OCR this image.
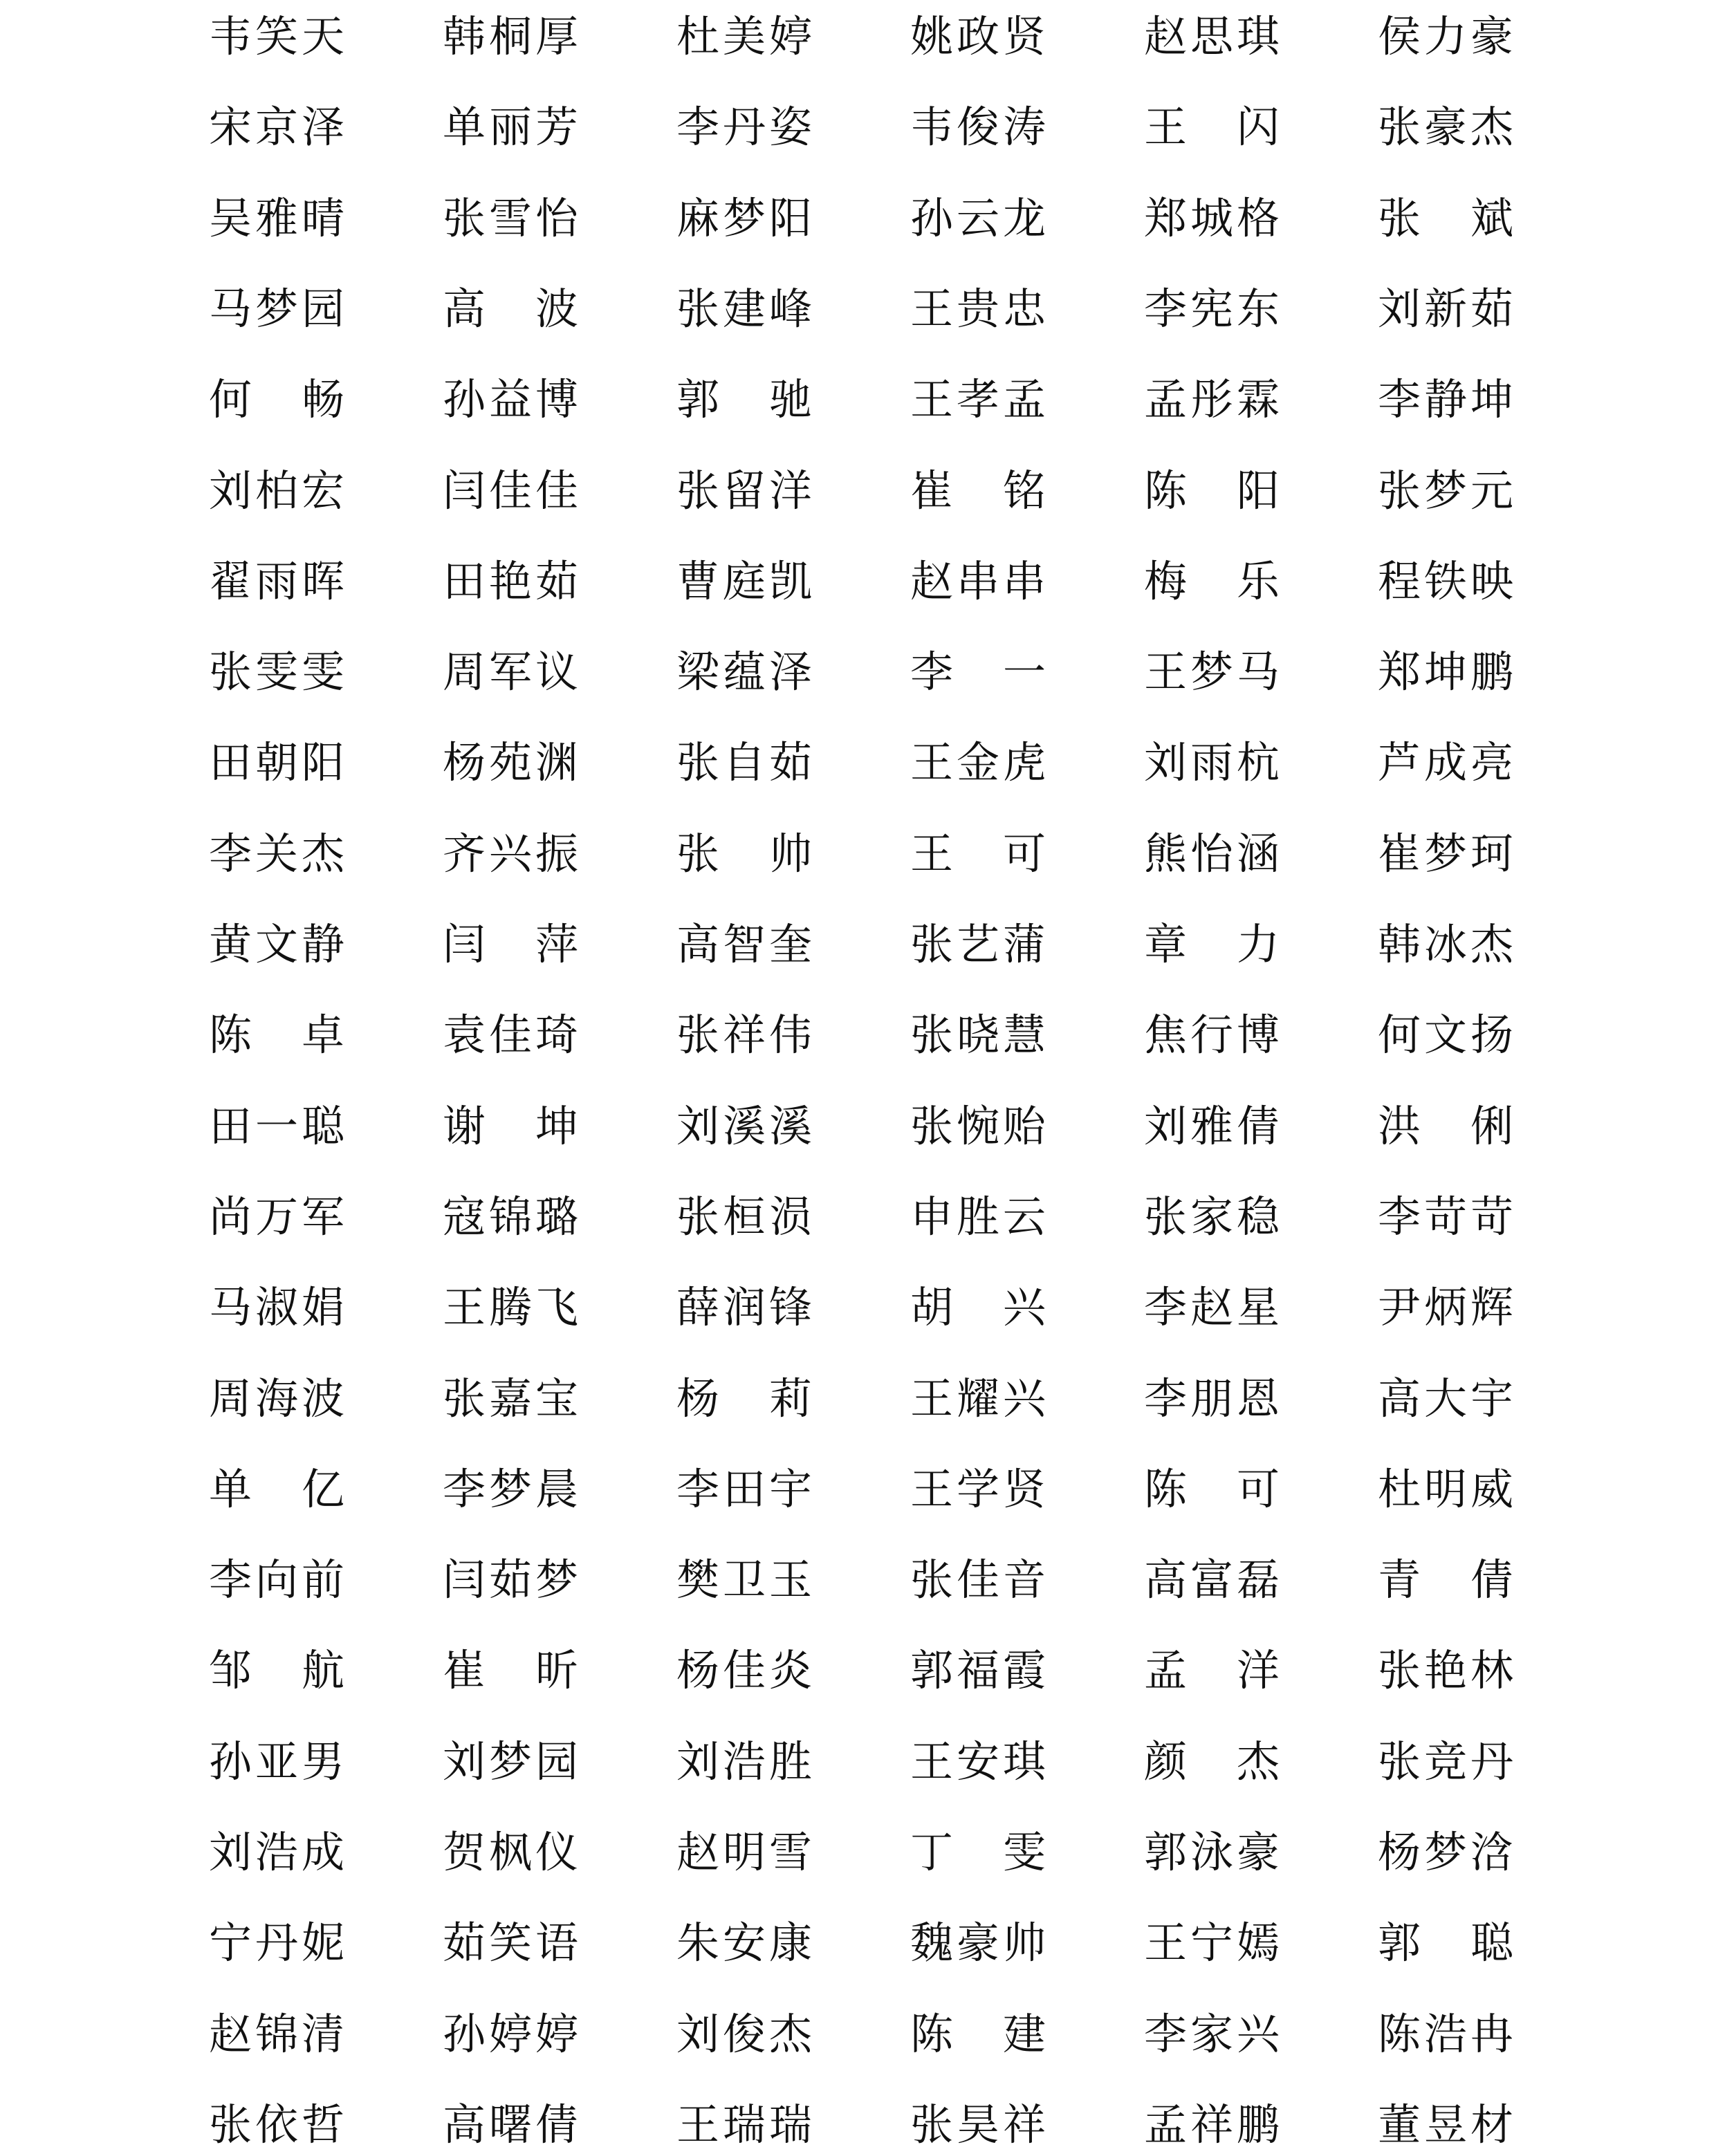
韦 笑 天 韩 桐 厚 杜 美 婷 姚 政 贤 赵 思 琪 侯 力 豪
宋 京 泽 单 丽 芳 李 丹 姿 韦 俊 涛 王 闪 张 豪 杰
吴 雅 晴 张 雪 怡 麻 梦 阳 孙 云 龙 郑 城 格 张 斌
马 梦 园 高 波 张 建 峰 王 贵 忠 李 宪 东 刘 新 茹
何 畅 孙 益 博 郭 驰 王 孝 孟 孟 彤 霖 李 静 坤
刘 柏 宏 闫 佳 佳 张 留 洋 崔 铭 陈 阳 张 梦 元
翟 雨 晖 田 艳 茹 曹 庭 凯 赵 串 串 梅 乐 程 铁 映
张 雯 雯 周 军 议 梁 蕴 泽 李 一 王 梦 马 郑 坤 鹏
田 朝 阳 杨 苑 渊 张 自 茹 王 金 虎 刘 雨 杭 芦 成 亮
李 关 杰 齐 兴 振 张 帅 王 可 熊 怡 涵 崔 梦 珂
黄 文 静 闫 萍 高 智 奎 张 艺 蒲 章 力 韩 冰 杰
陈 卓 袁 佳 琦 张 祥 伟 张 晓 慧 焦 行 博 何 文 扬
田 一 聪 谢 坤 刘 溪 溪 张 惋 贻 刘 雅 倩 洪 俐
尚 万 军 寇 锦 璐 张 桓 涢 申 胜 云 张 家 稳 李 苛 苛
马 淑 娟 王 腾 飞 薛 润 锋 胡 兴 李 赵 星 尹 炳 辉
周 海 波 张 嘉 宝 杨 莉 王 耀 兴 李 朋 恩 高 大 宇
单 亿 李 梦 晨 李 田 宇 王 学 贤 陈 可 杜 明 威
李 向 前 闫 茹 梦 樊 卫 玉 张 佳 音 高 富 磊 青 倩
邹 航 崔 昕 杨 佳 炎 郭 福 霞 孟 洋 张 艳 林
孙 亚 男 刘 梦 园 刘 浩 胜 王 安 琪 颜 杰 张 竞 丹
刘 浩 成 贺 枫 仪 赵 明 雪 丁 雯 郭 泳 豪 杨 梦 浛
宁 丹 妮 茹 笑 语 朱 安 康 魏 豪 帅 王 宁 嫣 郭 聪
赵 锦 清 孙 婷 婷 刘 俊 杰 陈 建 李 家 兴 陈 浩 冉
张 依 哲 高 曙 倩 王 瑞 瑞 张 昊 祥 孟 祥 鹏 董 昱 材
